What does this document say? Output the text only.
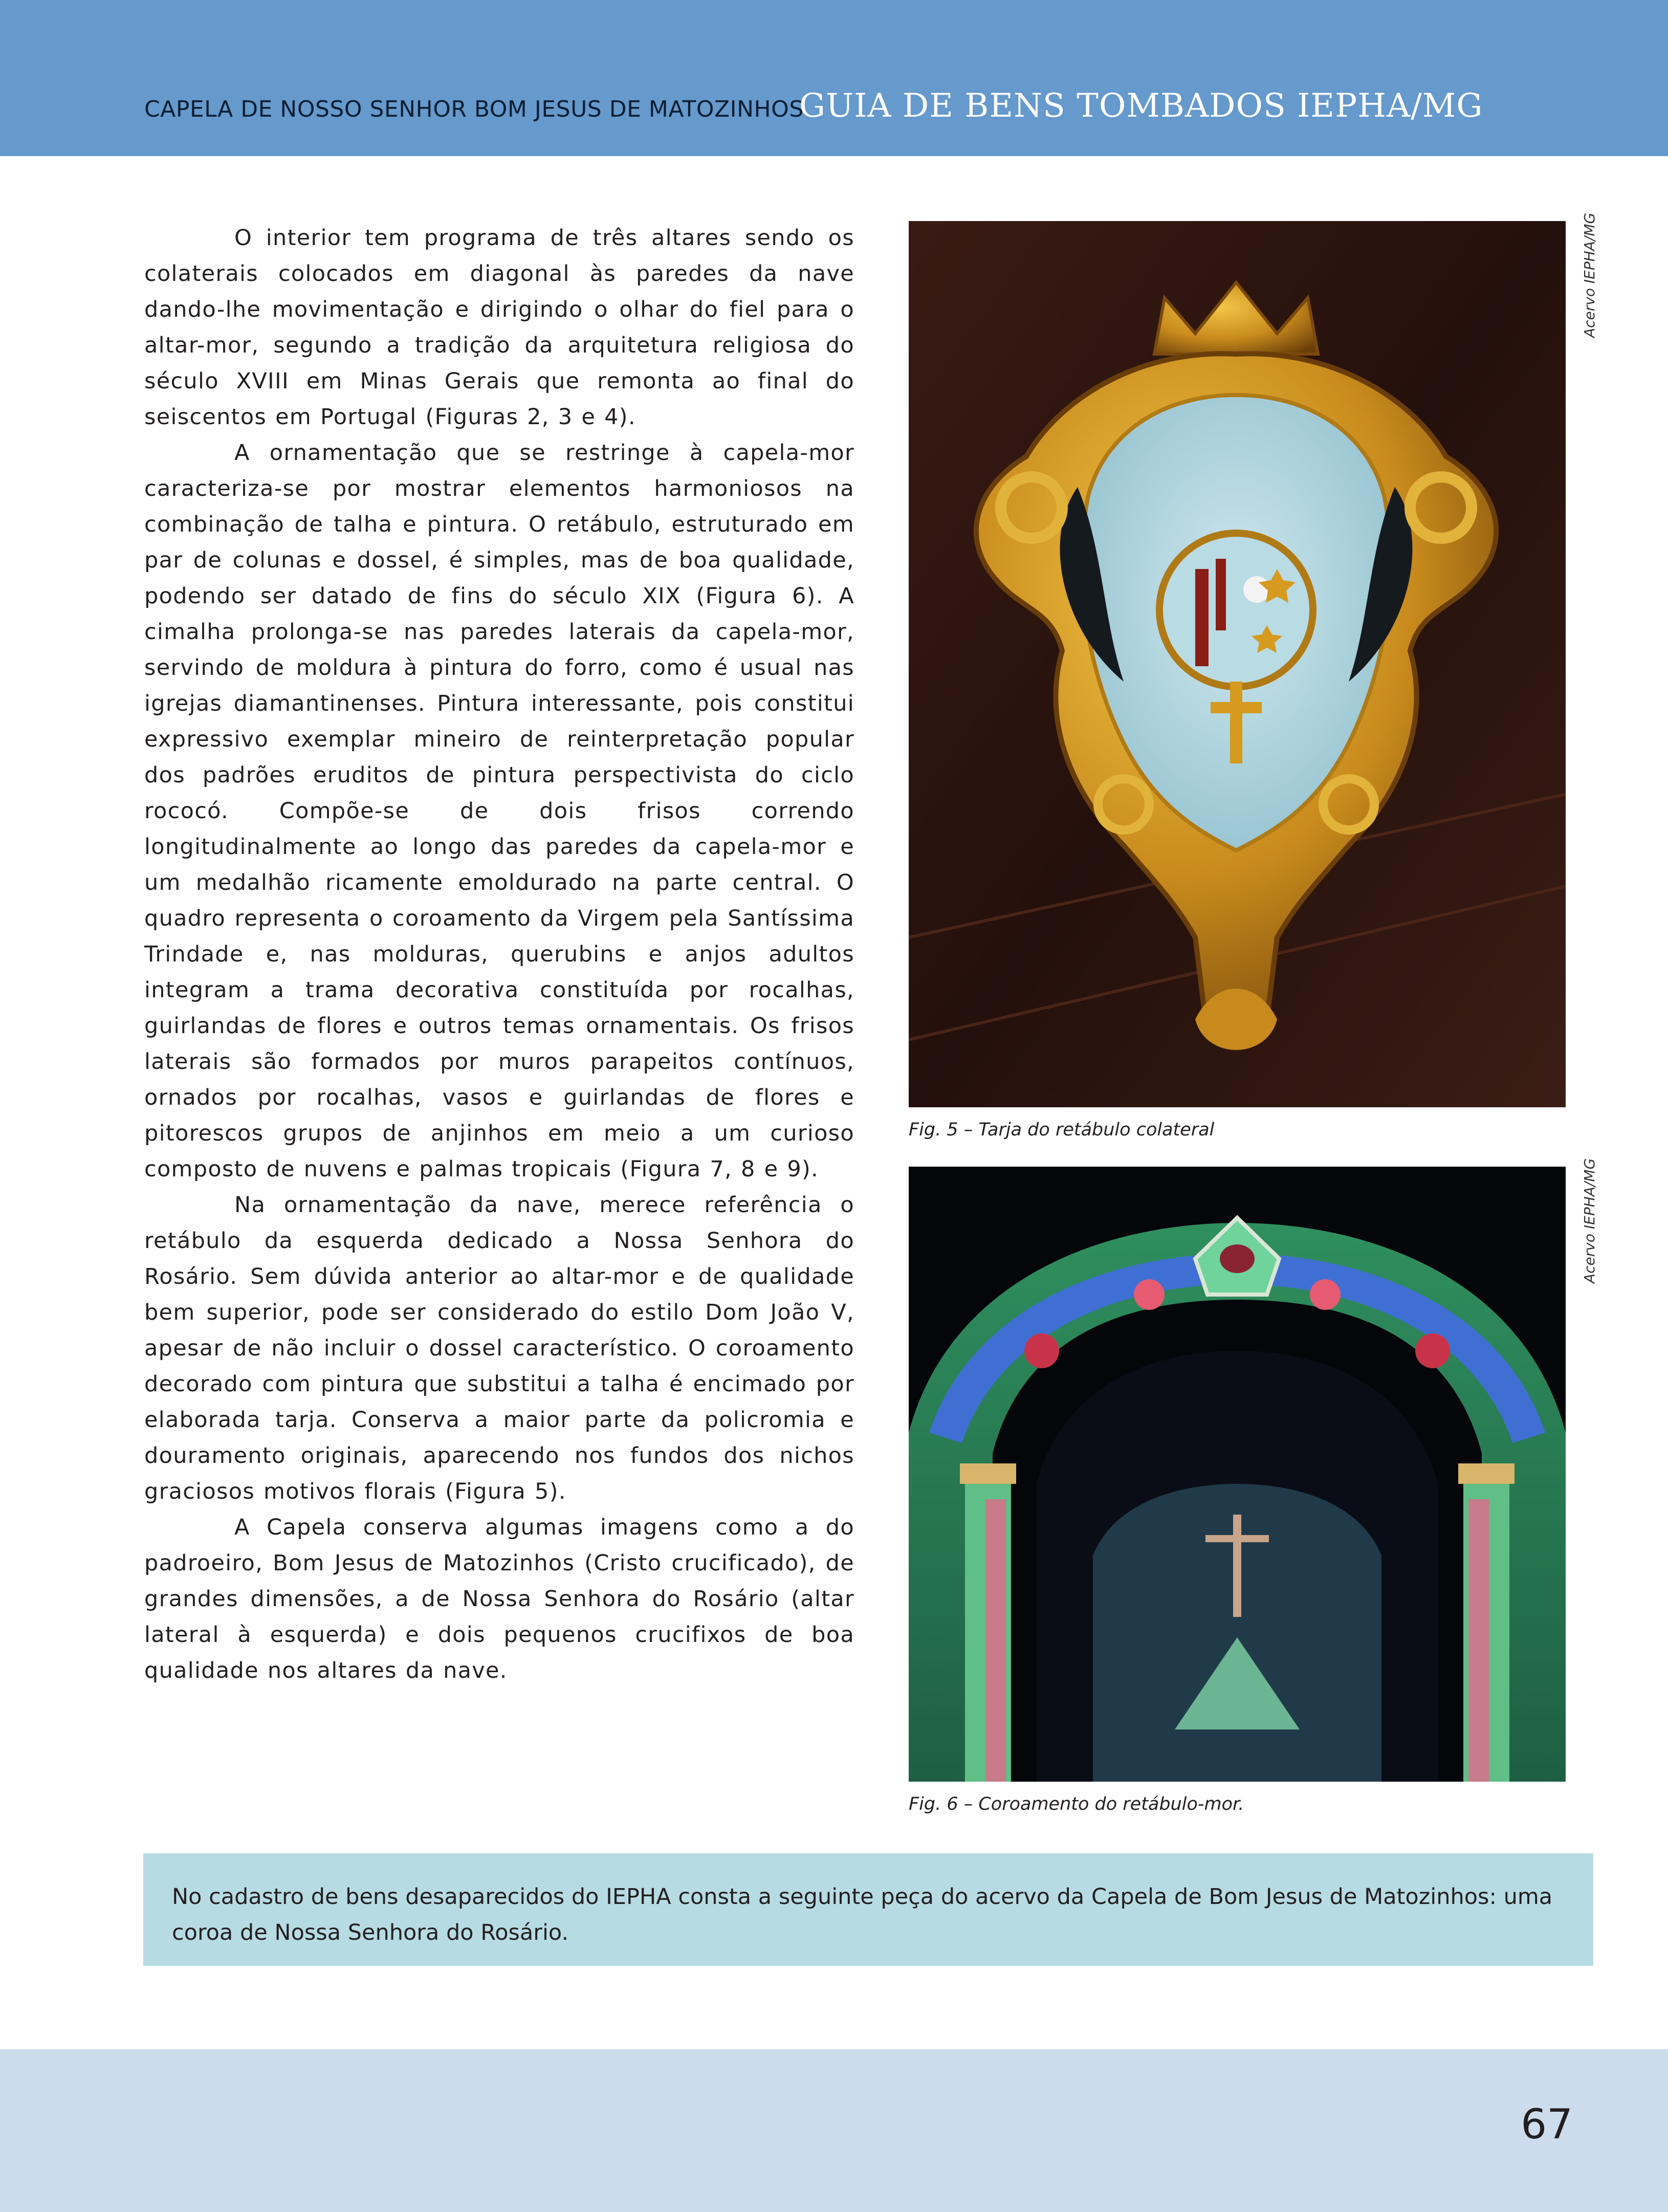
CAPELA DE NOSSO SENHOR BOM JESUS DE MATOZINHOS
GUIA DE BENS TOMBADOS IEPHA/MG

O interior tem programa de três altares sendo os colaterais colocados em diagonal às paredes da nave dando-lhe movimentação e dirigindo o olhar do fiel para o altar-mor, segundo a tradição da arquitetura religiosa do século XVIII em Minas Gerais que remonta ao final do seiscentos em Portugal (Figuras 2, 3 e 4).

A ornamentação que se restringe à capela-mor caracteriza-se por mostrar elementos harmoniosos na combinação de talha e pintura. O retábulo, estruturado em par de colunas e dossel, é simples, mas de boa qualidade, podendo ser datado de fins do século XIX (Figura 6). A cimalha prolonga-se nas paredes laterais da capela-mor, servindo de moldura à pintura do forro, como é usual nas igrejas diamantinenses. Pintura interessante, pois constitui expressivo exemplar mineiro de reinterpretação popular dos padrões eruditos de pintura perspectivista do ciclo rococó. Compõe-se de dois frisos correndo longitudinalmente ao longo das paredes da capela-mor e um medalhão ricamente emoldurado na parte central. O quadro representa o coroamento da Virgem pela Santíssima Trindade e, nas molduras, querubins e anjos adultos integram a trama decorativa constituída por rocalhas, guirlandas de flores e outros temas ornamentais. Os frisos laterais são formados por muros parapeitos contínuos, ornados por rocalhas, vasos e guirlandas de flores e pitorescos grupos de anjinhos em meio a um curioso composto de nuvens e palmas tropicais (Figura 7, 8 e 9).

Na ornamentação da nave, merece referência o retábulo da esquerda dedicado a Nossa Senhora do Rosário. Sem dúvida anterior ao altar-mor e de qualidade bem superior, pode ser considerado do estilo Dom João V, apesar de não incluir o dossel característico. O coroamento decorado com pintura que substitui a talha é encimado por elaborada tarja. Conserva a maior parte da policromia e douramento originais, aparecendo nos fundos dos nichos graciosos motivos florais (Figura 5).

A Capela conserva algumas imagens como a do padroeiro, Bom Jesus de Matozinhos (Cristo crucificado), de grandes dimensões, a de Nossa Senhora do Rosário (altar lateral à esquerda) e dois pequenos crucifixos de boa qualidade nos altares da nave.

Acervo IEPHA/MG
Fig. 5 – Tarja do retábulo colateral
Acervo IEPHA/MG
Fig. 6 – Coroamento do retábulo-mor.
No cadastro de bens desaparecidos do IEPHA consta a seguinte peça do acervo da Capela de Bom Jesus de Matozinhos: uma coroa de Nossa Senhora do Rosário.
67
